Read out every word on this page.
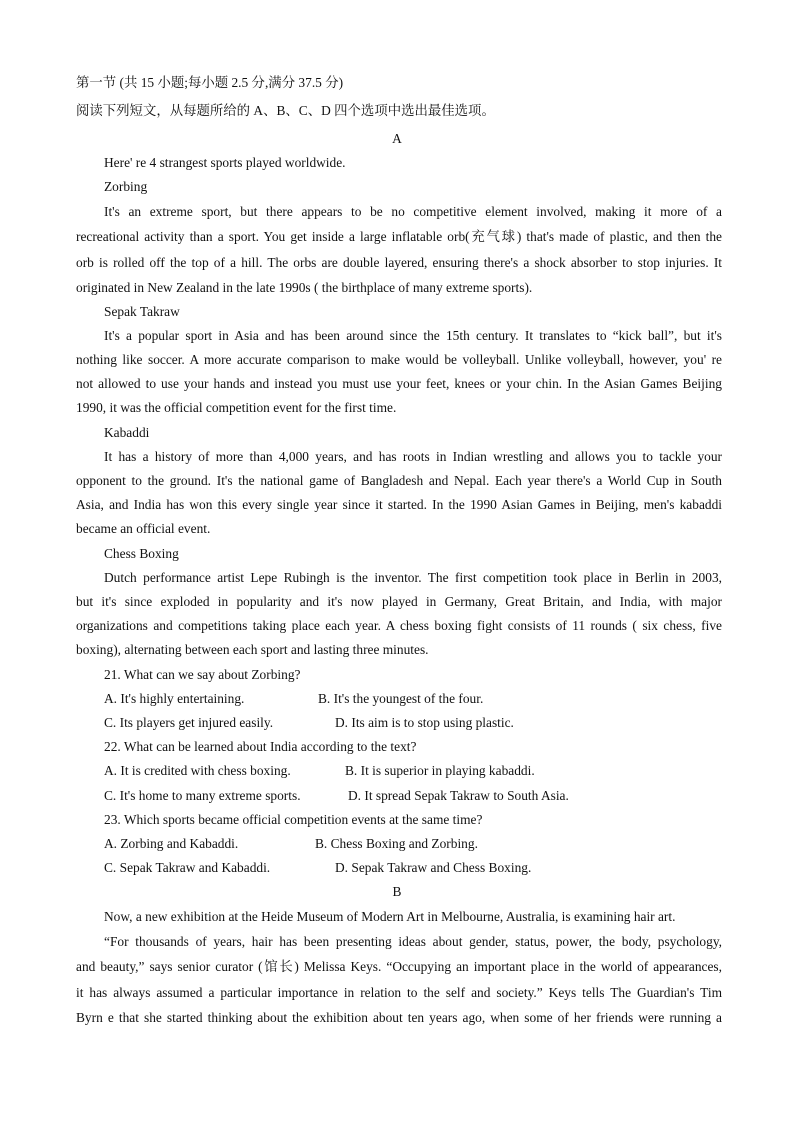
第一节 (共 15 小题;每小题 2.5 分,满分 37.5 分)
阅读下列短文，从每题所给的 A、B、C、D 四个选项中选出最佳选项。
A
Here' re 4 strangest sports played worldwide.
Zorbing
It's an extreme sport, but there appears to be no competitive element involved, making it more of a
recreational activity than a sport. You get inside a large inflatable orb(充气球) that's made of plastic, and then the
orb is rolled off the top of a hill. The orbs are double layered, ensuring there's a shock absorber to stop injuries. It
originated in New Zealand in the late 1990s ( the birthplace of many extreme sports).
Sepak Takraw
It's a popular sport in Asia and has been around since the 15th century. It translates to “kick ball”, but it's
nothing like soccer. A more accurate comparison to make would be volleyball. Unlike volleyball, however, you' re
not allowed to use your hands and instead you must use your feet, knees or your chin. In the Asian Games Beijing
1990, it was the official competition event for the first time.
Kabaddi
It has a history of more than 4,000 years, and has roots in Indian wrestling and allows you to tackle your
opponent to the ground. It's the national game of Bangladesh and Nepal. Each year there's a World Cup in South
Asia, and India has won this every single year since it started. In the 1990 Asian Games in Beijing, men's kabaddi
became an official event.
Chess Boxing
Dutch performance artist Lepe Rubingh is the inventor. The first competition took place in Berlin in 2003,
but it's since exploded in popularity and it's now played in Germany, Great Britain, and India, with major
organizations and competitions taking place each year. A chess boxing fight consists of 11 rounds ( six chess, five
boxing), alternating between each sport and lasting three minutes.
21. What can we say about Zorbing?
A. It's highly entertaining.	B. It's the youngest of the four.
C. Its players get injured easily.	D. Its aim is to stop using plastic.
22. What can be learned about India according to the text?
A. It is credited with chess boxing.	B. It is superior in playing kabaddi.
C. It's home to many extreme sports.	D. It spread Sepak Takraw to South Asia.
23. Which sports became official competition events at the same time?
A. Zorbing and Kabaddi.	B. Chess Boxing and Zorbing.
C. Sepak Takraw and Kabaddi.	D. Sepak Takraw and Chess Boxing.
B
Now, a new exhibition at the Heide Museum of Modern Art in Melbourne, Australia, is examining hair art.
“For thousands of years, hair has been presenting ideas about gender, status, power, the body, psychology,
and beauty,” says senior curator (馆长) Melissa Keys. “Occupying an important place in the world of appearances,
it has always assumed a particular importance in relation to the self and society.” Keys tells The Guardian's Tim
Byrn e that she started thinking about the exhibition about ten years ago, when some of her friends were running a
